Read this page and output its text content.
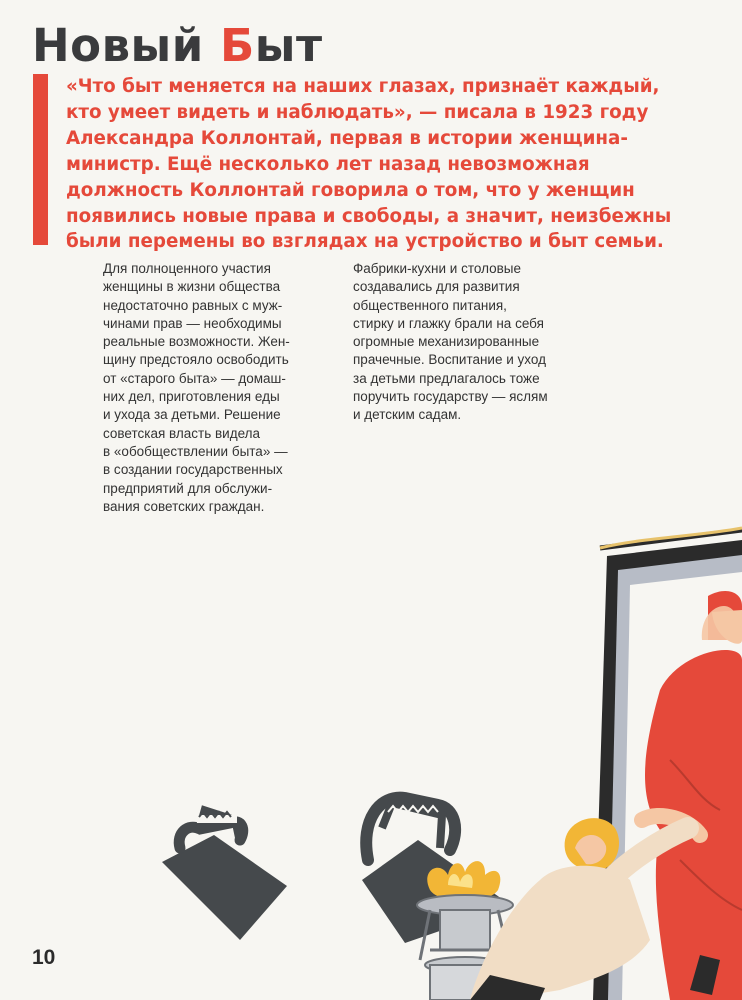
Новый Быт

«Что быт меняется на наших глазах, признаёт каждый,
кто умеет видеть и наблюдать», — писала в 1923 году
Александра Коллонтай, первая в истории женщина-
министр. Ещё несколько лет назад невозможная
должность Коллонтай говорила о том, что у женщин
появились новые права и свободы, а значит, неизбежны
были перемены во взглядах на устройство и быт семьи.

Для полноценного участия
женщины в жизни общества
недостаточно равных с муж-
чинами прав — необходимы
реальные возможности. Жен-
щину предстояло освободить
от «старого быта» — домаш-
них дел, приготовления еды
и ухода за детьми. Решение
советская власть видела
в «обобществлении быта» —
в создании государственных
предприятий для обслужи-
вания советских граждан.

Фабрики-кухни и столовые
создавались для развития
общественного питания,
стирку и глажку брали на себя
огромные механизированные
прачечные. Воспитание и уход
за детьми предлагалось тоже
поручить государству — яслям
и детским садам.

10
